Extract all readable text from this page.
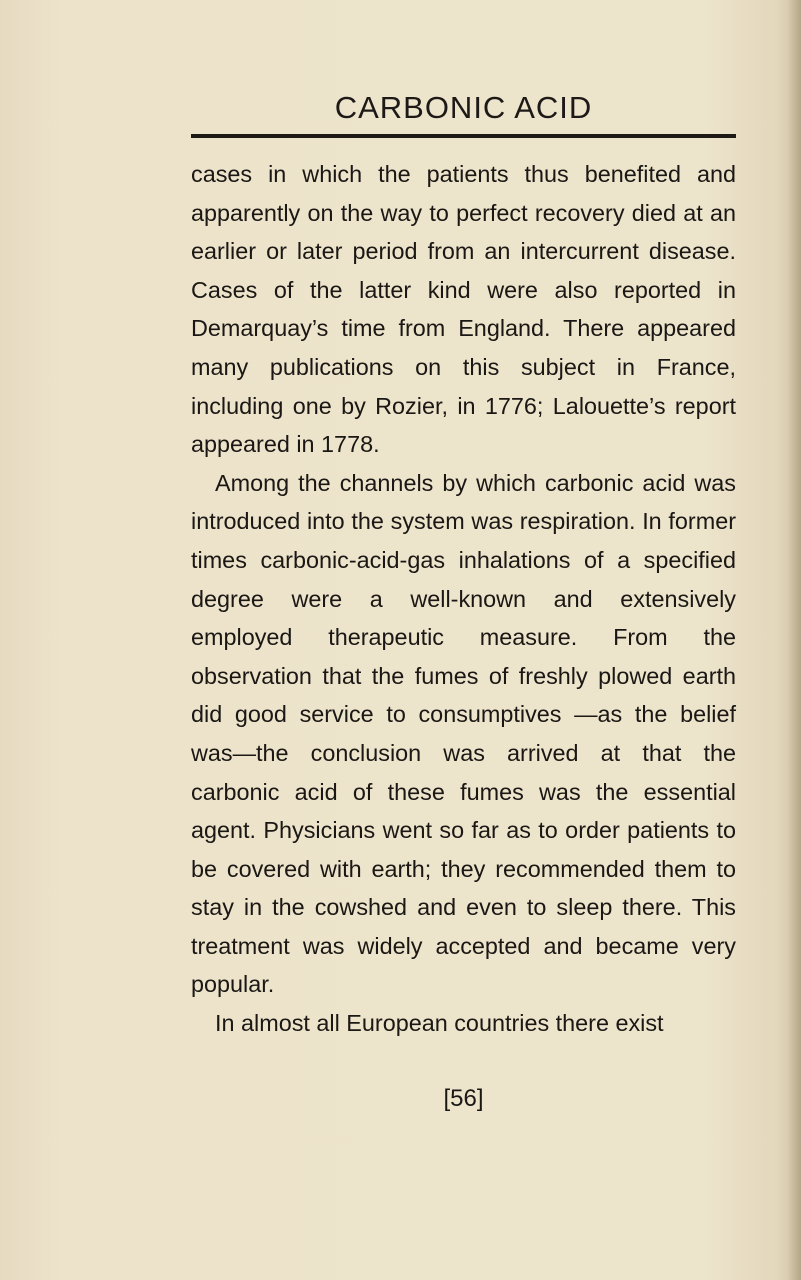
CARBONIC ACID

cases in which the patients thus benefited and apparently on the way to perfect recovery died at an earlier or later period from an intercurrent disease. Cases of the latter kind were also reported in Demarquay’s time from England. There appeared many publications on this subject in France, including one by Rozier, in 1776; Lalouette’s report appeared in 1778.

Among the channels by which carbonic acid was introduced into the system was respiration. In former times carbonic-acid-gas inhalations of a specified degree were a well-known and extensively employed therapeutic measure. From the observation that the fumes of freshly plowed earth did good service to consumptives —as the belief was—the conclusion was arrived at that the carbonic acid of these fumes was the essential agent. Physicians went so far as to order patients to be covered with earth; they recommended them to stay in the cowshed and even to sleep there. This treatment was widely accepted and became very popular.

In almost all European countries there exist

[56]
